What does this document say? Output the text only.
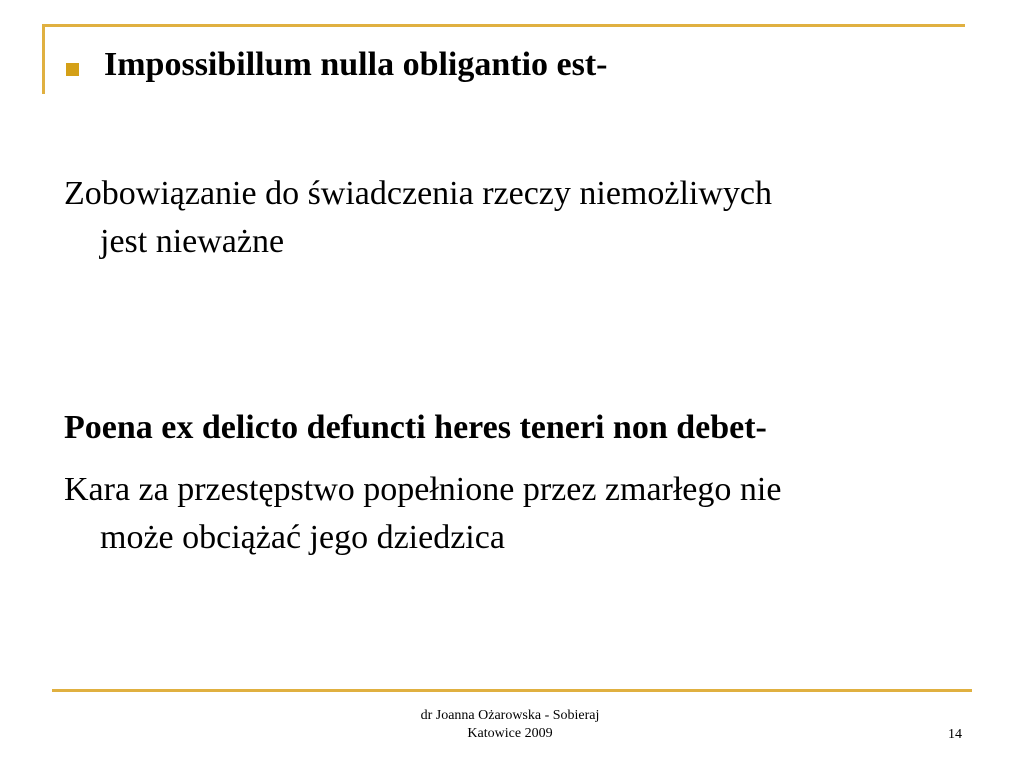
Impossibillum nulla obligantio est-
Zobowiązanie do świadczenia rzeczy niemożliwych
jest nieważne
Poena ex delicto defuncti heres teneri non debet-
Kara za przestępstwo popełnione przez zmarłego nie
może obciążać jego dziedzica
dr Joanna Ożarowska - Sobieraj
Katowice 2009	14
